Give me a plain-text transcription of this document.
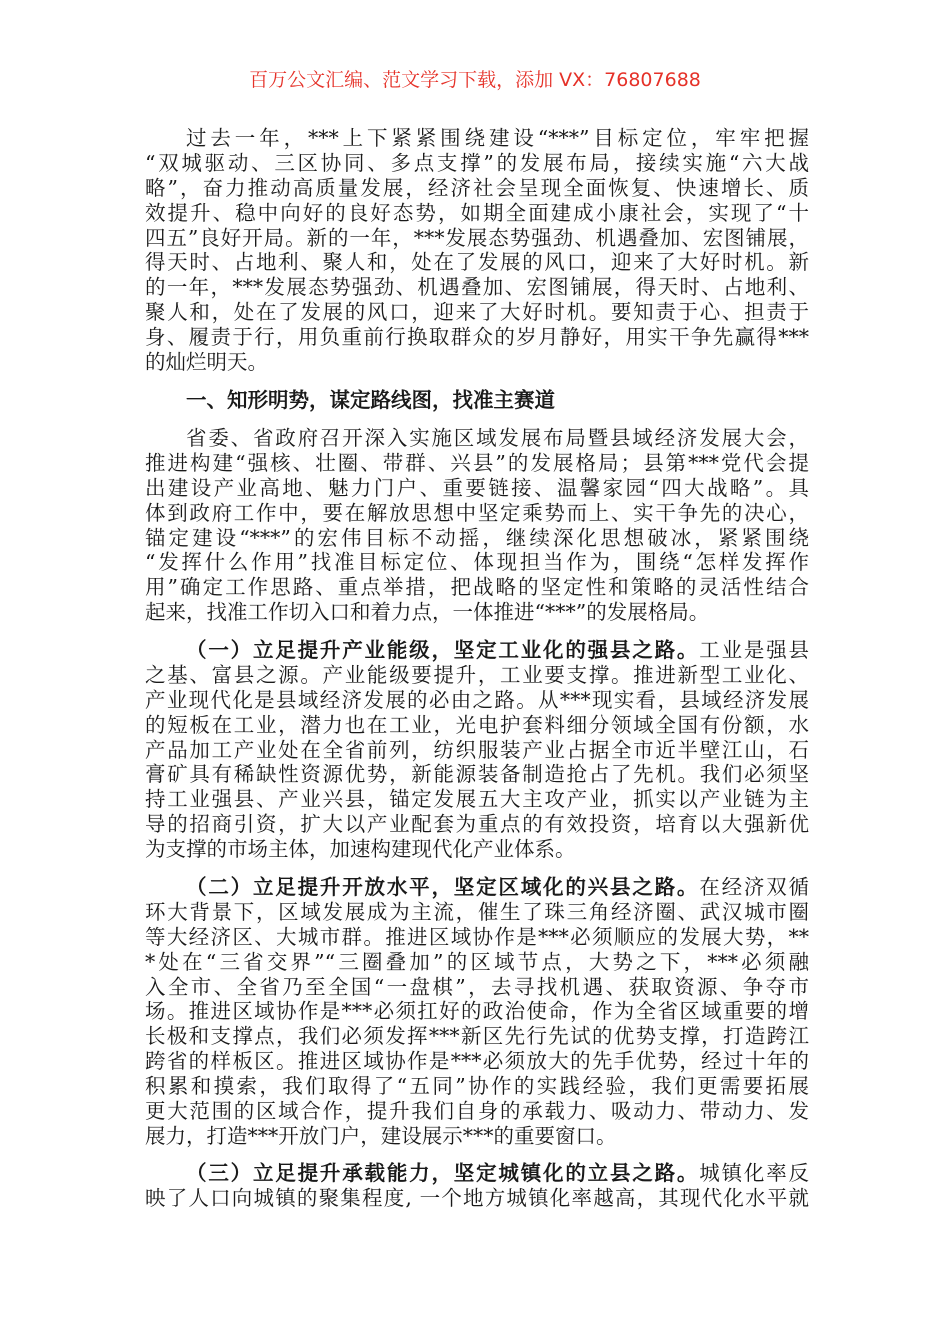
百万公文汇编、范文学习下载，添加 VX：76807688
过去一年，***上下紧紧围绕建设“***”目标定位，牢牢把握
“双城驱动、三区协同、多点支撑”的发展布局，接续实施“六大战
略”，奋力推动高质量发展，经济社会呈现全面恢复、快速增长、质
效提升、稳中向好的良好态势，如期全面建成小康社会，实现了“十
四五”良好开局。新的一年，***发展态势强劲、机遇叠加、宏图铺展，
得天时、占地利、聚人和，处在了发展的风口，迎来了大好时机。新
的一年，***发展态势强劲、机遇叠加、宏图铺展，得天时、占地利、
聚人和，处在了发展的风口，迎来了大好时机。要知责于心、担责于
身、履责于行，用负重前行换取群众的岁月静好，用实干争先赢得***
的灿烂明天。
一、知形明势，谋定路线图，找准主赛道
省委、省政府召开深入实施区域发展布局暨县域经济发展大会，
推进构建“强核、壮圈、带群、兴县”的发展格局；县第***党代会提
出建设产业高地、魅力门户、重要链接、温馨家园“四大战略”。具
体到政府工作中，要在解放思想中坚定乘势而上、实干争先的决心，
锚定建设“***”的宏伟目标不动摇，继续深化思想破冰，紧紧围绕
“发挥什么作用”找准目标定位、体现担当作为，围绕“怎样发挥作
用”确定工作思路、重点举措，把战略的坚定性和策略的灵活性结合
起来，找准工作切入口和着力点，一体推进“***”的发展格局。
（一）立足提升产业能级，坚定工业化的强县之路。工业是强县
之基、富县之源。产业能级要提升，工业要支撑。推进新型工业化、
产业现代化是县域经济发展的必由之路。从***现实看，县域经济发展
的短板在工业，潜力也在工业，光电护套料细分领域全国有份额，水
产品加工产业处在全省前列，纺织服装产业占据全市近半壁江山，石
膏矿具有稀缺性资源优势，新能源装备制造抢占了先机。我们必须坚
持工业强县、产业兴县，锚定发展五大主攻产业，抓实以产业链为主
导的招商引资，扩大以产业配套为重点的有效投资，培育以大强新优
为支撑的市场主体，加速构建现代化产业体系。
（二）立足提升开放水平，坚定区域化的兴县之路。在经济双循
环大背景下，区域发展成为主流，催生了珠三角经济圈、武汉城市圈
等大经济区、大城市群。推进区域协作是***必须顺应的发展大势，**
*处在“三省交界”“三圈叠加”的区域节点，大势之下，***必须融
入全市、全省乃至全国“一盘棋”，去寻找机遇、获取资源、争夺市
场。推进区域协作是***必须扛好的政治使命，作为全省区域重要的增
长极和支撑点，我们必须发挥***新区先行先试的优势支撑，打造跨江
跨省的样板区。推进区域协作是***必须放大的先手优势，经过十年的
积累和摸索，我们取得了“五同”协作的实践经验，我们更需要拓展
更大范围的区域合作，提升我们自身的承载力、吸动力、带动力、发
展力，打造***开放门户，建设展示***的重要窗口。
（三）立足提升承载能力，坚定城镇化的立县之路。城镇化率反
映了人口向城镇的聚集程度, 一个地方城镇化率越高，其现代化水平就
